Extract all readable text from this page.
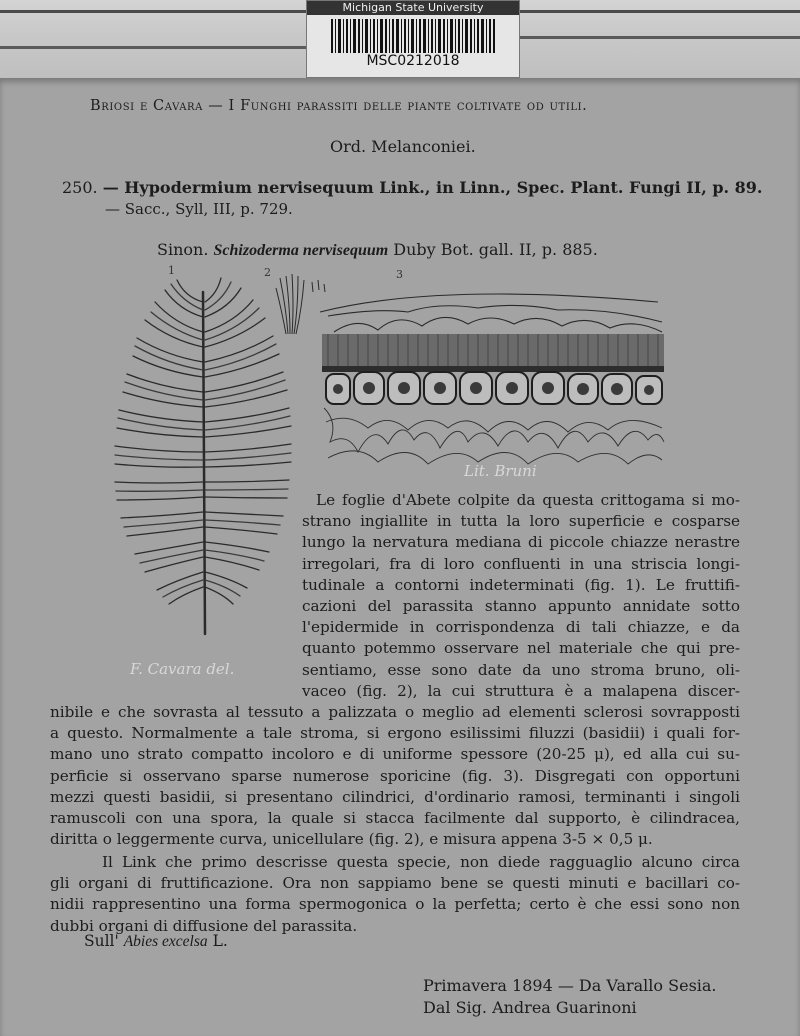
Michigan State University
MSC0212018
Briosi e Cavara — I Funghi parassiti delle piante coltivate od utili.
Ord. Melanconiei.
250. — Hypodermium nervisequum Link., in Linn., Spec. Plant. Fungi II, p. 89.
— Sacc., Syll, III, p. 729.
Sinon. Schizoderma nervisequum Duby Bot. gall. II, p. 885.
1	2	3
Lit. Bruni
F. Cavara del.
Le foglie d'Abete colpite da questa crittogama si mo-
strano ingiallite in tutta la loro superficie e cosparse
lungo la nervatura mediana di piccole chiazze nerastre
irregolari, fra di loro confluenti in una striscia longi-
tudinale a contorni indeterminati (fig. 1). Le fruttifi-
cazioni del parassita stanno appunto annidate sotto
l'epidermide in corrispondenza di tali chiazze, e da
quanto potemmo osservare nel materiale che qui pre-
sentiamo, esse sono date da uno stroma bruno, oli-
vaceo (fig. 2), la cui struttura è a malapena discer-
nibile e che sovrasta al tessuto a palizzata o meglio ad elementi sclerosi sovrapposti
a questo. Normalmente a tale stroma, si ergono esilissimi filuzzi (basidii) i quali for-
mano uno strato compatto incoloro e di uniforme spessore (20-25 μ), ed alla cui su-
perficie si osservano sparse numerose sporicine (fig. 3). Disgregati con opportuni
mezzi questi basidii, si presentano cilindrici, d'ordinario ramosi, terminanti i singoli
ramuscoli con una spora, la quale si stacca facilmente dal supporto, è cilindracea,
diritta o leggermente curva, unicellulare (fig. 2), e misura appena 3-5 × 0,5 μ.
Il Link che primo descrisse questa specie, non diede ragguaglio alcuno circa
gli organi di fruttificazione. Ora non sappiamo bene se questi minuti e bacillari co-
nidii rappresentino una forma spermogonica o la perfetta; certo è che essi sono non
dubbi organi di diffusione del parassita.
Sull' Abies excelsa L.
Primavera 1894 — Da Varallo Sesia.
Dal Sig. Andrea Guarinoni
